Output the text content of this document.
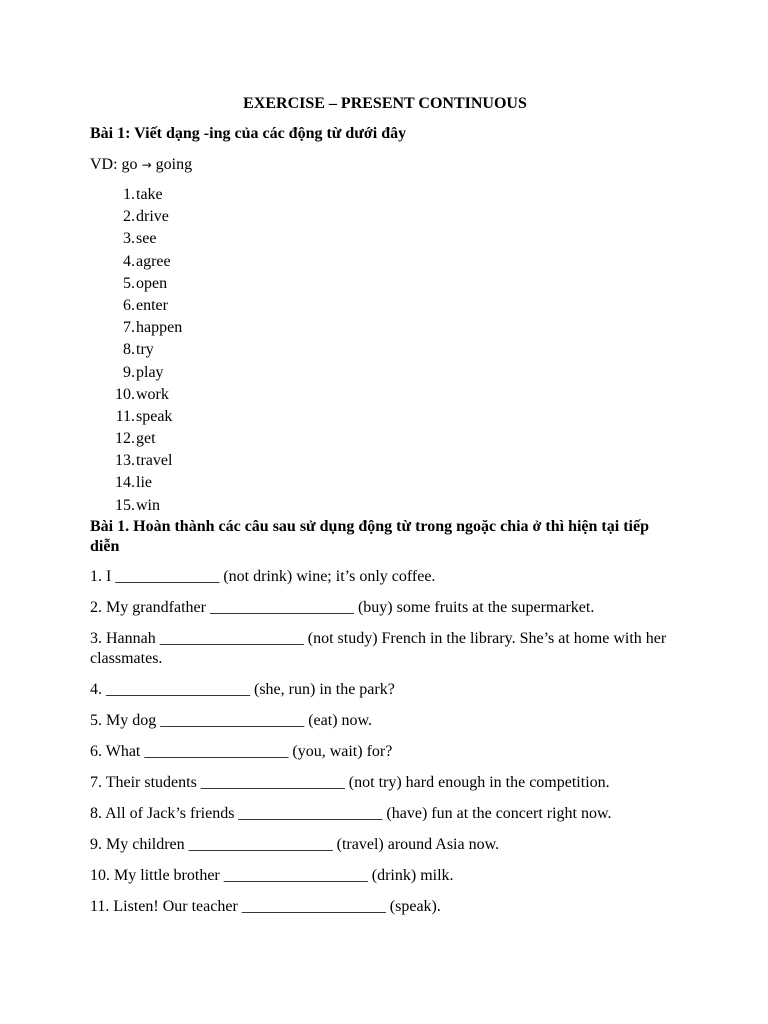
EXERCISE – PRESENT CONTINUOUS
Bài 1: Viết dạng -ing của các động từ dưới đây
VD: go → going
1. take
2. drive
3. see
4. agree
5. open
6. enter
7. happen
8. try
9. play
10. work
11. speak
12. get
13. travel
14. lie
15. win
Bài 1. Hoàn thành các câu sau sử dụng động từ trong ngoặc chia ở thì hiện tại tiếp diễn
1. I _____________ (not drink) wine; it’s only coffee.
2. My grandfather __________________ (buy) some fruits at the supermarket.
3. Hannah __________________ (not study) French in the library. She’s at home with her classmates.
4. __________________ (she, run) in the park?
5. My dog __________________ (eat) now.
6. What __________________ (you, wait) for?
7. Their students __________________ (not try) hard enough in the competition.
8. All of Jack’s friends __________________ (have) fun at the concert right now.
9. My children __________________ (travel) around Asia now.
10. My little brother __________________ (drink) milk.
11. Listen! Our teacher __________________ (speak).
